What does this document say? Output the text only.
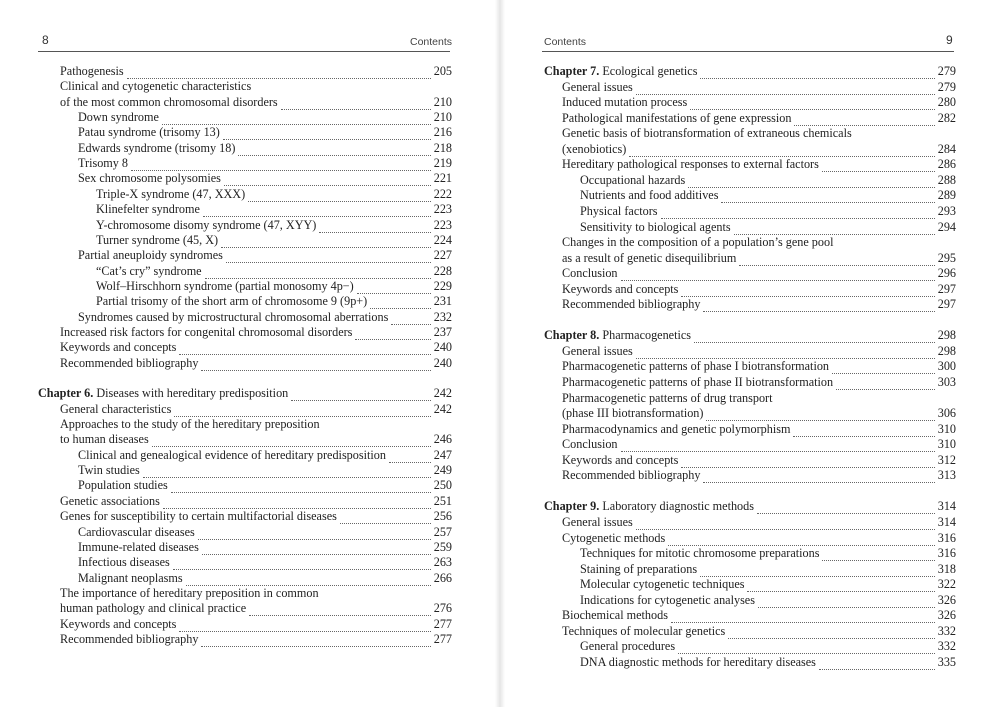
8	Contents
Pathogenesis	205
Clinical and cytogenetic characteristics
of the most common chromosomal disorders	210
Down syndrome	210
Patau syndrome (trisomy 13)	216
Edwards syndrome (trisomy 18)	218
Trisomy 8	219
Sex chromosome polysomies	221
Triple-X syndrome (47, XXX)	222
Klinefelter syndrome	223
Y-chromosome disomy syndrome (47, XYY)	223
Turner syndrome (45, X)	224
Partial aneuploidy syndromes	227
“Cat’s cry” syndrome	228
Wolf–Hirschhorn syndrome (partial monosomy 4p−)	229
Partial trisomy of the short arm of chromosome 9 (9p+)	231
Syndromes caused by microstructural chromosomal aberrations	232
Increased risk factors for congenital chromosomal disorders	237
Keywords and concepts	240
Recommended bibliography	240
Chapter 6. Diseases with hereditary predisposition	242
General characteristics	242
Approaches to the study of the hereditary preposition
to human diseases	246
Clinical and genealogical evidence of hereditary predisposition	247
Twin studies	249
Population studies	250
Genetic associations	251
Genes for susceptibility to certain multifactorial diseases	256
Cardiovascular diseases	257
Immune-related diseases	259
Infectious diseases	263
Malignant neoplasms	266
The importance of hereditary preposition in common
human pathology and clinical practice	276
Keywords and concepts	277
Recommended bibliography	277
Contents	9
Chapter 7. Ecological genetics	279
General issues	279
Induced mutation process	280
Pathological manifestations of gene expression	282
Genetic basis of biotransformation of extraneous chemicals
(xenobiotics)	284
Hereditary pathological responses to external factors	286
Occupational hazards	288
Nutrients and food additives	289
Physical factors	293
Sensitivity to biological agents	294
Changes in the composition of a population’s gene pool
as a result of genetic disequilibrium	295
Conclusion	296
Keywords and concepts	297
Recommended bibliography	297
Chapter 8. Pharmacogenetics	298
General issues	298
Pharmacogenetic patterns of phase I biotransformation	300
Pharmacogenetic patterns of phase II biotransformation	303
Pharmacogenetic patterns of drug transport
(phase III biotransformation)	306
Pharmacodynamics and genetic polymorphism	310
Conclusion	310
Keywords and concepts	312
Recommended bibliography	313
Chapter 9. Laboratory diagnostic methods	314
General issues	314
Cytogenetic methods	316
Techniques for mitotic chromosome preparations	316
Staining of preparations	318
Molecular cytogenetic techniques	322
Indications for cytogenetic analyses	326
Biochemical methods	326
Techniques of molecular genetics	332
General procedures	332
DNA diagnostic methods for hereditary diseases	335
